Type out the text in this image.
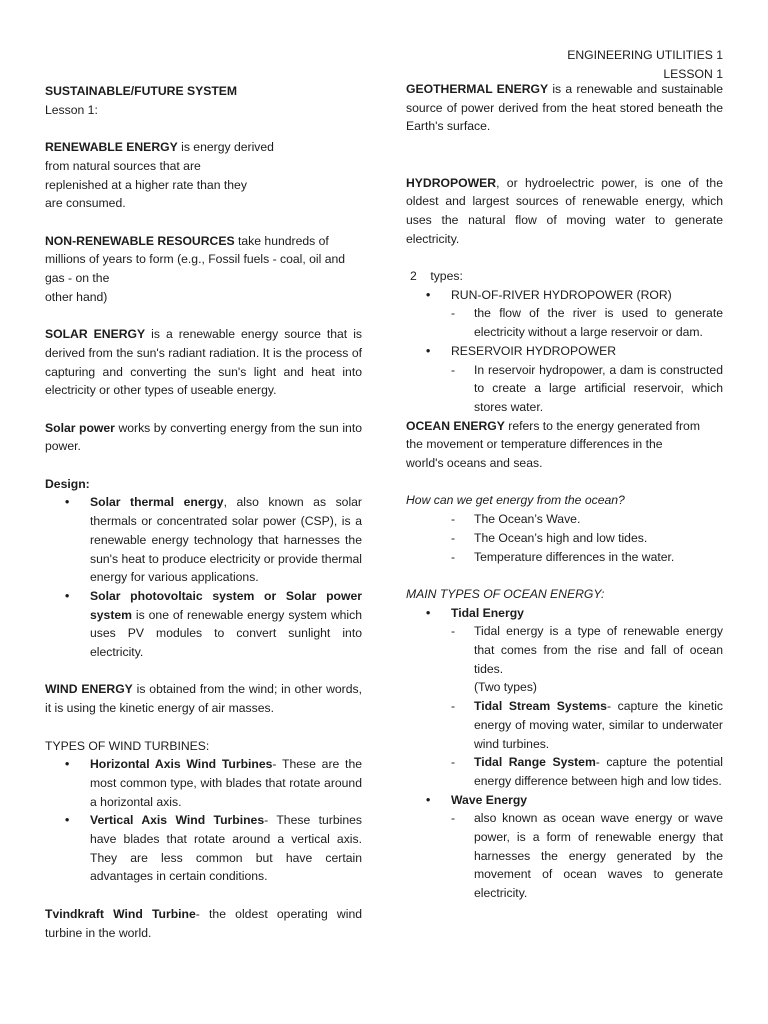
ENGINEERING UTILITIES 1
LESSON 1

SUSTAINABLE/FUTURE SYSTEM

Lesson 1:

RENEWABLE ENERGY is energy derived
from natural sources that are
replenished at a higher rate than they
are consumed.

NON-RENEWABLE RESOURCES take hundreds of
millions of years to form (e.g., Fossil fuels - coal, oil and
gas - on the
other hand)

SOLAR ENERGY is a renewable energy source that is derived from the sun's radiant radiation. It is the process of capturing and converting the sun's light and heat into electricity or other types of useable energy.

Solar power works by converting energy from the sun into power.

Design:

• Solar thermal energy, also known as solar thermals or concentrated solar power (CSP), is a renewable energy technology that harnesses the sun's heat to produce electricity or provide thermal energy for various applications.
• Solar photovoltaic system or Solar power system is one of renewable energy system which uses PV modules to convert sunlight into electricity.

WIND ENERGY is obtained from the wind; in other words, it is using the kinetic energy of air masses.

TYPES OF WIND TURBINES:

• Horizontal Axis Wind Turbines- These are the most common type, with blades that rotate around a horizontal axis.
• Vertical Axis Wind Turbines- These turbines have blades that rotate around a vertical axis. They are less common but have certain advantages in certain conditions.

Tvindkraft Wind Turbine- the oldest operating wind turbine in the world.

GEOTHERMAL ENERGY is a renewable and sustainable source of power derived from the heat stored beneath the Earth's surface.

HYDROPOWER, or hydroelectric power, is one of the oldest and largest sources of renewable energy, which uses the natural flow of moving water to generate electricity.

2    types:

• RUN-OF-RIVER HYDROPOWER (ROR)
- the flow of the river is used to generate electricity without a large reservoir or dam.
• RESERVOIR HYDROPOWER
- In reservoir hydropower, a dam is constructed to create a large artificial reservoir, which stores water.

OCEAN ENERGY refers to the energy generated from
the movement or temperature differences in the
world's oceans and seas.

How can we get energy from the ocean?

- The Ocean’s Wave.
- The Ocean’s high and low tides.
- Temperature differences in the water.

MAIN TYPES OF OCEAN ENERGY:

• Tidal Energy
- Tidal energy is a type of renewable energy that comes from the rise and fall of ocean tides.
(Two types)
- Tidal Stream Systems- capture the kinetic energy of moving water, similar to underwater wind turbines.
- Tidal Range System- capture the potential energy difference between high and low tides.
• Wave Energy
- also known as ocean wave energy or wave power, is a form of renewable energy that harnesses the energy generated by the movement of ocean waves to generate electricity.
